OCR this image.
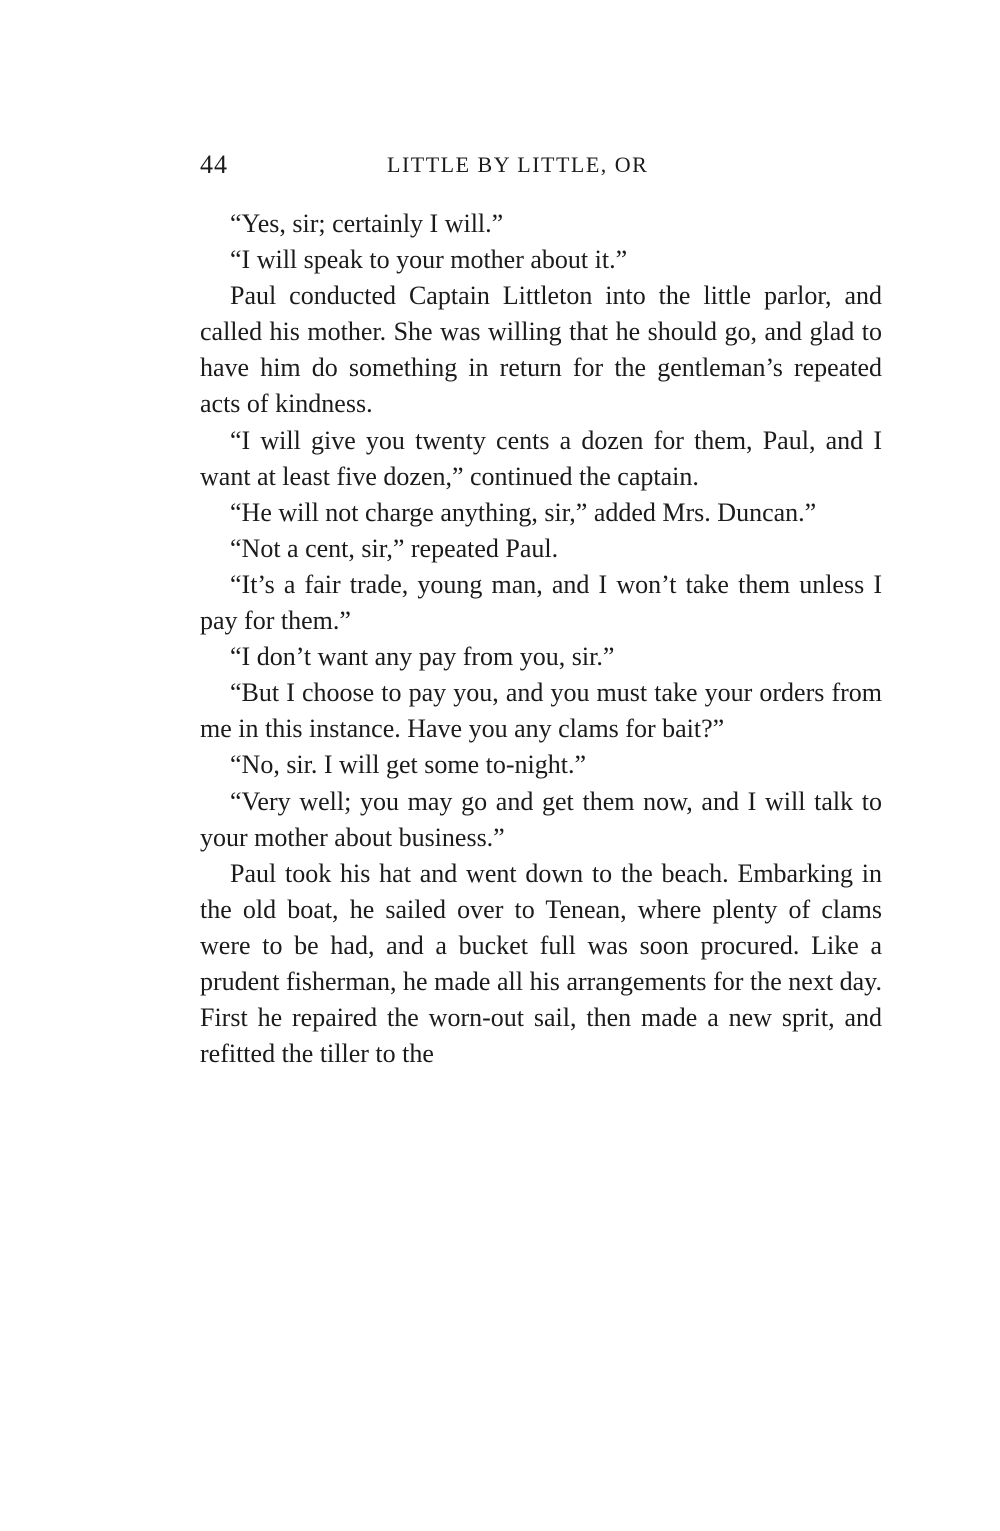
44	LITTLE BY LITTLE, OR

“Yes, sir; certainly I will.”

“I will speak to your mother about it.”

Paul conducted Captain Littleton into the little parlor, and called his mother. She was willing that he should go, and glad to have him do something in return for the gentleman’s repeated acts of kindness.

“I will give you twenty cents a dozen for them, Paul, and I want at least five dozen,” continued the captain.

“He will not charge anything, sir,” added Mrs. Duncan.”

“Not a cent, sir,” repeated Paul.

“It’s a fair trade, young man, and I won’t take them unless I pay for them.”

“I don’t want any pay from you, sir.”

“But I choose to pay you, and you must take your orders from me in this instance. Have you any clams for bait?”

“No, sir. I will get some to-night.”

“Very well; you may go and get them now, and I will talk to your mother about business.”

Paul took his hat and went down to the beach. Embarking in the old boat, he sailed over to Tenean, where plenty of clams were to be had, and a bucket full was soon procured. Like a prudent fisherman, he made all his arrangements for the next day. First he repaired the worn-out sail, then made a new sprit, and refitted the tiller to the
